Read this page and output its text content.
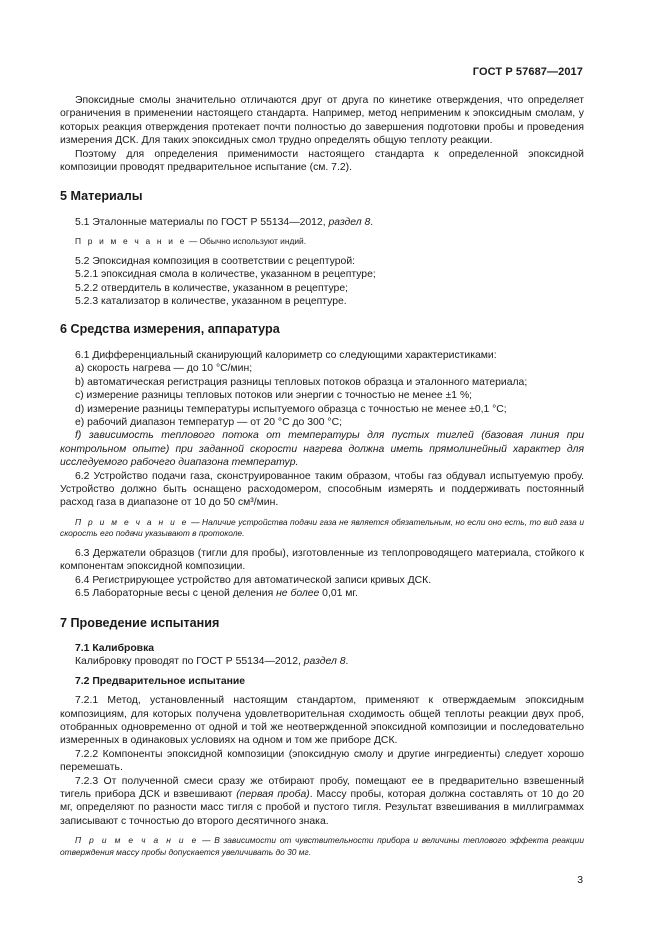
ГОСТ Р 57687—2017

Эпоксидные смолы значительно отличаются друг от друга по кинетике отверждения, что определяет ограничения в применении настоящего стандарта. Например, метод неприменим к эпоксидным смолам, у которых реакция отверждения протекает почти полностью до завершения подготовки пробы и проведения измерения ДСК. Для таких эпоксидных смол трудно определять общую теплоту реакции.

Поэтому для определения применимости настоящего стандарта к определенной эпоксидной композиции проводят предварительное испытание (см. 7.2).

5 Материалы

5.1 Эталонные материалы по ГОСТ Р 55134—2012, раздел 8.

П р и м е ч а н и е — Обычно используют индий.

5.2 Эпоксидная композиция в соответствии с рецептурой:

5.2.1 эпоксидная смола в количестве, указанном в рецептуре;

5.2.2 отвердитель в количестве, указанном в рецептуре;

5.2.3 катализатор в количестве, указанном в рецептуре.

6 Средства измерения, аппаратура

6.1 Дифференциальный сканирующий калориметр со следующими характеристиками:

а) скорость нагрева — до 10 °С/мин;

b) автоматическая регистрация разницы тепловых потоков образца и эталонного материала;

c) измерение разницы тепловых потоков или энергии с точностью не менее ±1 %;

d) измерение разницы температуры испытуемого образца с точностью не менее ±0,1 °С;

е) рабочий диапазон температур — от 20 °С до 300 °С;

f) зависимость теплового потока от температуры для пустых тиглей (базовая линия при контрольном опыте) при заданной скорости нагрева должна иметь прямолинейный характер для исследуемого рабочего диапазона температур.

6.2 Устройство подачи газа, сконструированное таким образом, чтобы газ обдувал испытуемую пробу. Устройство должно быть оснащено расходомером, способным измерять и поддерживать постоянный расход газа в диапазоне от 10 до 50 см³/мин.

П р и м е ч а н и е — Наличие устройства подачи газа не является обязательным, но если оно есть, то вид газа и скорость его подачи указывают в протоколе.

6.3 Держатели образцов (тигли для пробы), изготовленные из теплопроводящего материала, стойкого к компонентам эпоксидной композиции.

6.4 Регистрирующее устройство для автоматической записи кривых ДСК.

6.5 Лабораторные весы с ценой деления не более 0,01 мг.

7 Проведение испытания

7.1 Калибровка

Калибровку проводят по ГОСТ Р 55134—2012, раздел 8.

7.2 Предварительное испытание

7.2.1 Метод, установленный настоящим стандартом, применяют к отверждаемым эпоксидным композициям, для которых получена удовлетворительная сходимость общей теплоты реакции двух проб, отобранных одновременно от одной и той же неотвержденной эпоксидной композиции и последовательно измеренных в одинаковых условиях на одном и том же приборе ДСК.

7.2.2 Компоненты эпоксидной композиции (эпоксидную смолу и другие ингредиенты) следует хорошо перемешать.

7.2.3 От полученной смеси сразу же отбирают пробу, помещают ее в предварительно взвешенный тигель прибора ДСК и взвешивают (первая проба). Массу пробы, которая должна составлять от 10 до 20 мг, определяют по разности масс тигля с пробой и пустого тигля. Результат взвешивания в миллиграммах записывают с точностью до второго десятичного знака.

П р и м е ч а н и е — В зависимости от чувствительности прибора и величины теплового эффекта реакции отверждения массу пробы допускается увеличивать до 30 мг.

3
